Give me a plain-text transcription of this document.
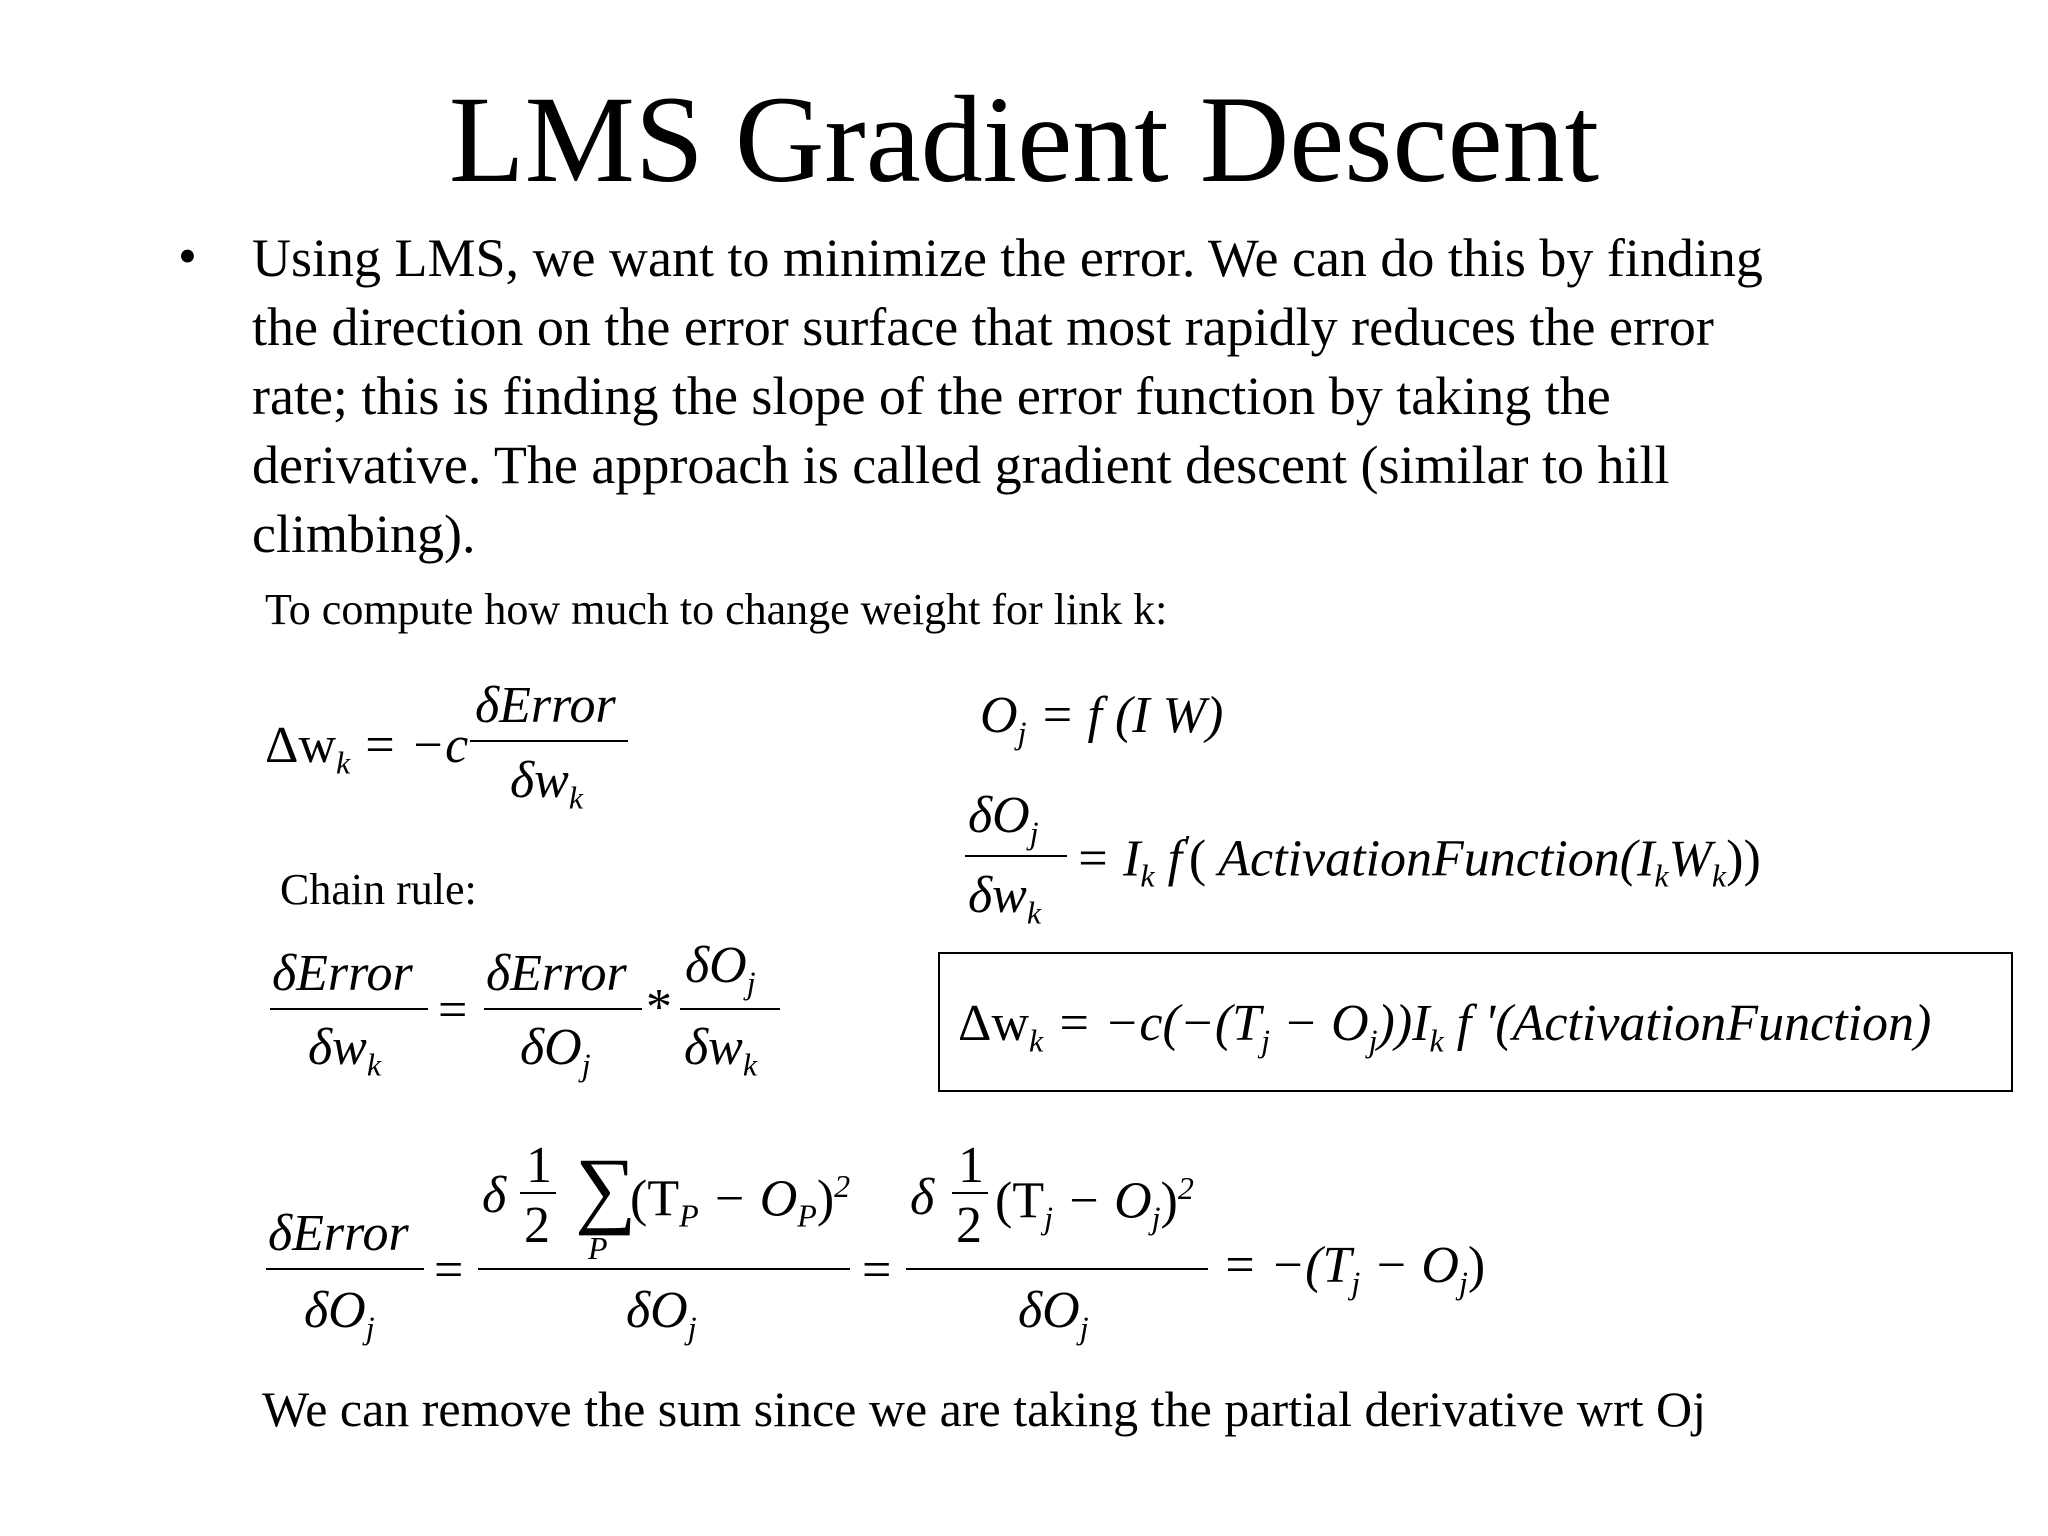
LMS Gradient Descent
• Using LMS, we want to minimize the error. We can do this by finding
the direction on the error surface that most rapidly reduces the error
rate; this is finding the slope of the error function by taking the
derivative. The approach is called gradient descent (similar to hill
climbing).
To compute how much to change weight for link k:
$\Delta w_k = -c$
δError
$\delta w_k$
$O_j = f$ (I W)
$\delta O_j$
$\delta w_k$
= $I_k$ f'( $ActivationFunction(I_kW_k)$)
Chain rule:
δError
$\delta w_k$
=
δError
$\delta O_j$
*
$\delta O_j$
$\delta w_k$
$\Delta w_k = -c(-(T_j - O_j))I_k$ f '(ActivationFunction)
δError
$\delta O_j$
=
δ
1
2 ∑
P
$(T_P - O_P)^2$
$\delta O_j$
=
δ
1
2 $(T_j - O_j)^2$
$\delta O_j$
= $-(T_j - O_j)$
We can remove the sum since we are taking the partial derivative wrt Oj
